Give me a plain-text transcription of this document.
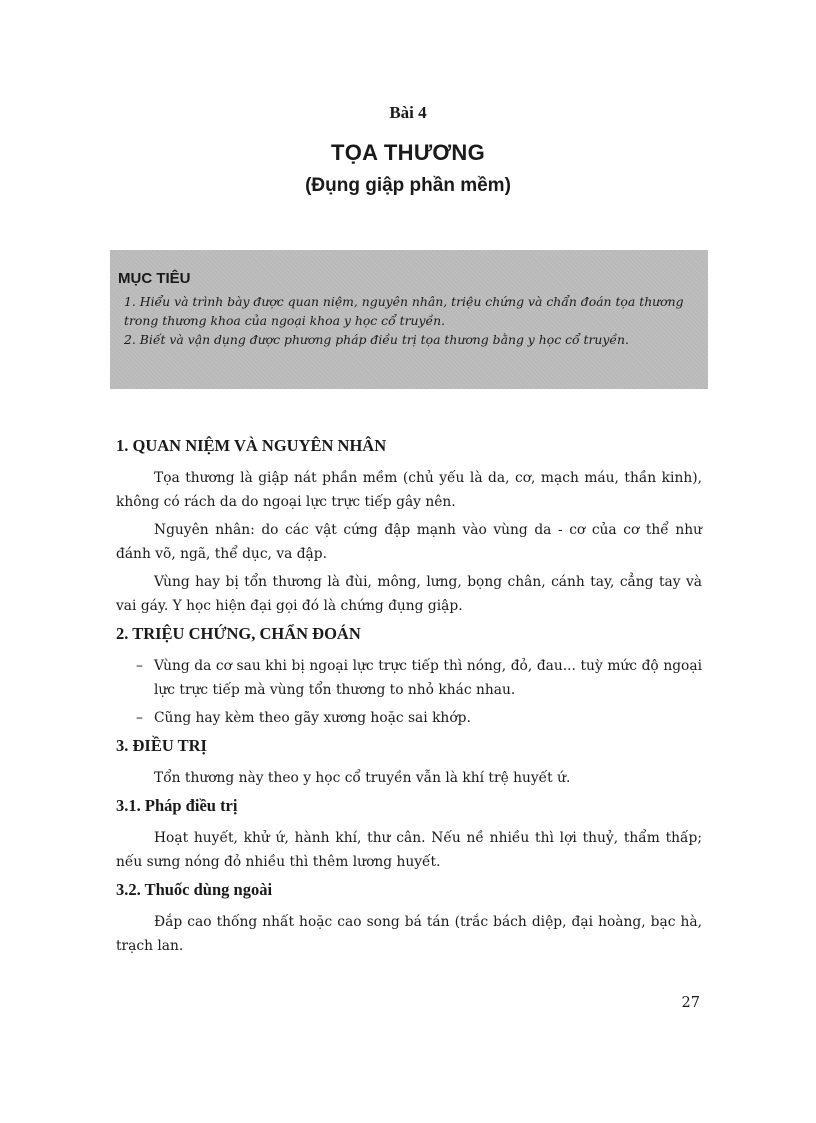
Bài 4
TỌA THƯƠNG
(Đụng giập phần mềm)
MỤC TIÊU

1. Hiểu và trình bày được quan niệm, nguyên nhân, triệu chứng và chẩn đoán tọa thương trong thương khoa của ngoại khoa y học cổ truyền.

2. Biết và vận dụng được phương pháp điều trị tọa thương bằng y học cổ truyền.

1. QUAN NIỆM VÀ NGUYÊN NHÂN

Tọa thương là giập nát phần mềm (chủ yếu là da, cơ, mạch máu, thần kinh), không có rách da do ngoại lực trực tiếp gây nên.

Nguyên nhân: do các vật cứng đập mạnh vào vùng da - cơ của cơ thể như đánh võ, ngã, thể dục, va đập.

Vùng hay bị tổn thương là đùi, mông, lưng, bọng chân, cánh tay, cẳng tay và vai gáy. Y học hiện đại gọi đó là chứng đụng giập.

2. TRIỆU CHỨNG, CHẨN ĐOÁN
– Vùng da cơ sau khi bị ngoại lực trực tiếp thì nóng, đỏ, đau... tuỳ mức độ ngoại lực trực tiếp mà vùng tổn thương to nhỏ khác nhau.
– Cũng hay kèm theo gãy xương hoặc sai khớp.
3. ĐIỀU TRỊ

Tổn thương này theo y học cổ truyền vẫn là khí trệ huyết ứ.

3.1. Pháp điều trị

Hoạt huyết, khử ứ, hành khí, thư cân. Nếu nề nhiều thì lợi thuỷ, thẩm thấp; nếu sưng nóng đỏ nhiều thì thêm lương huyết.

3.2. Thuốc dùng ngoài

Đắp cao thống nhất hoặc cao song bá tán (trắc bách diệp, đại hoàng, bạc hà, trạch lan.

27
